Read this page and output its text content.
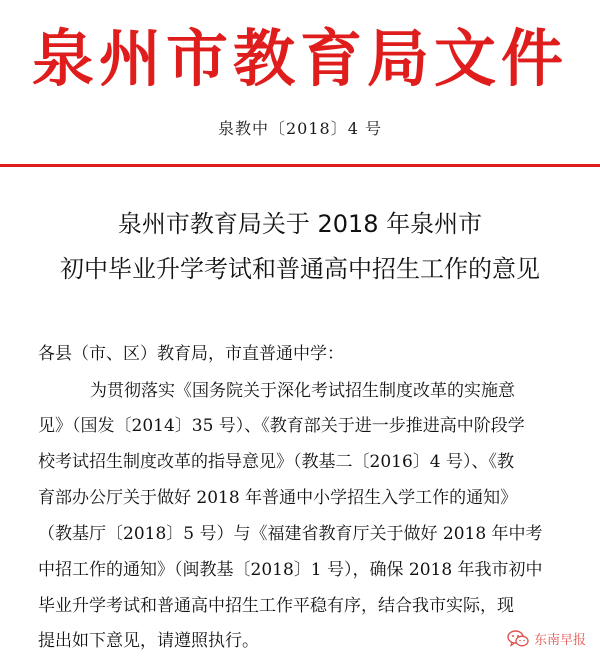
泉州市教育局文件
泉教中〔2018〕4 号
泉州市教育局关于 2018 年泉州市
初中毕业升学考试和普通高中招生工作的意见
各县（市、区）教育局，市直普通中学：
为贯彻落实《国务院关于深化考试招生制度改革的实施意
见》（国发〔2014〕35 号）、《教育部关于进一步推进高中阶段学
校考试招生制度改革的指导意见》（教基二〔2016〕4 号）、《教
育部办公厅关于做好 2018 年普通中小学招生入学工作的通知》
（教基厅〔2018〕5 号）与《福建省教育厅关于做好 2018 年中考
中招工作的通知》（闽教基〔2018〕1 号），确保 2018 年我市初中
毕业升学考试和普通高中招生工作平稳有序，结合我市实际，现
提出如下意见，请遵照执行。	东南早报
